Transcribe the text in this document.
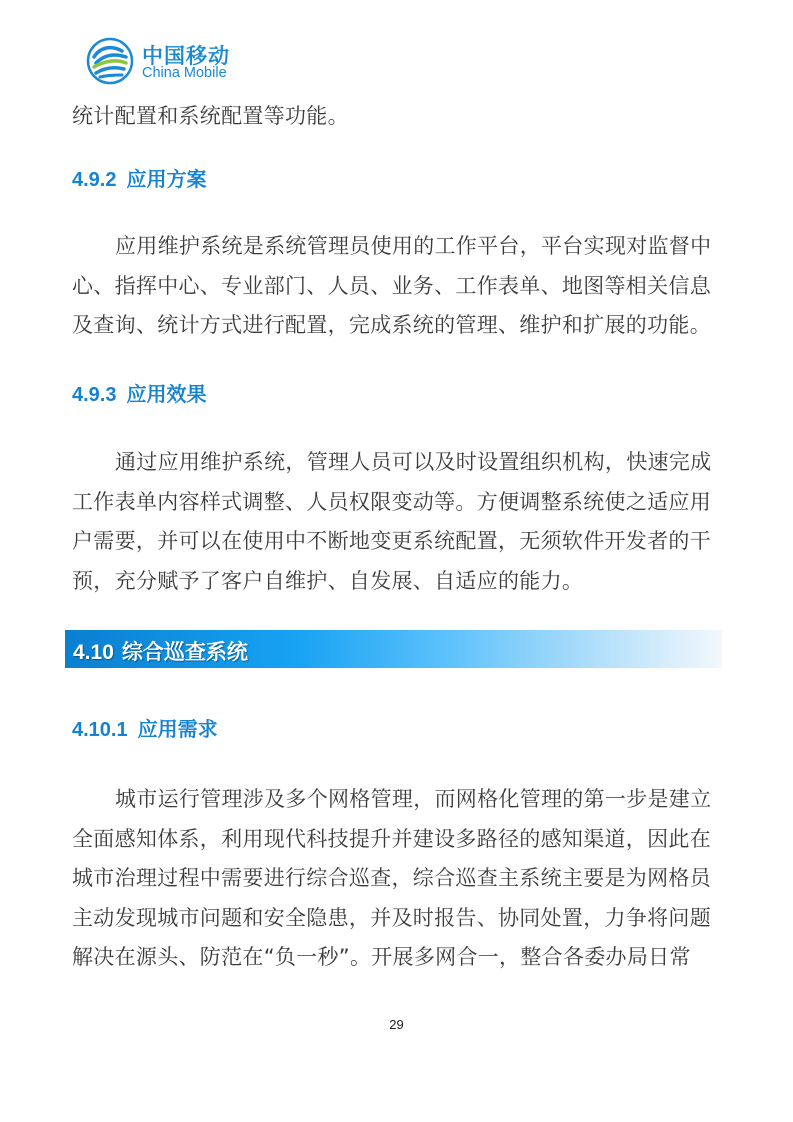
中国移动
China Mobile
统计配置和系统配置等功能。
4.9.2 应用方案
应用维护系统是系统管理员使用的工作平台，平台实现对监督中
心、指挥中心、专业部门、人员、业务、工作表单、地图等相关信息
及查询、统计方式进行配置，完成系统的管理、维护和扩展的功能。
4.9.3 应用效果
通过应用维护系统，管理人员可以及时设置组织机构，快速完成
工作表单内容样式调整、人员权限变动等。方便调整系统使之适应用
户需要，并可以在使用中不断地变更系统配置，无须软件开发者的干
预，充分赋予了客户自维护、自发展、自适应的能力。
4.10 综合巡查系统
4.10.1 应用需求
城市运行管理涉及多个网格管理，而网格化管理的第一步是建立
全面感知体系，利用现代科技提升并建设多路径的感知渠道，因此在
城市治理过程中需要进行综合巡查，综合巡查主系统主要是为网格员
主动发现城市问题和安全隐患，并及时报告、协同处置，力争将问题
解决在源头、防范在“负一秒”。开展多网合一，整合各委办局日常
29
